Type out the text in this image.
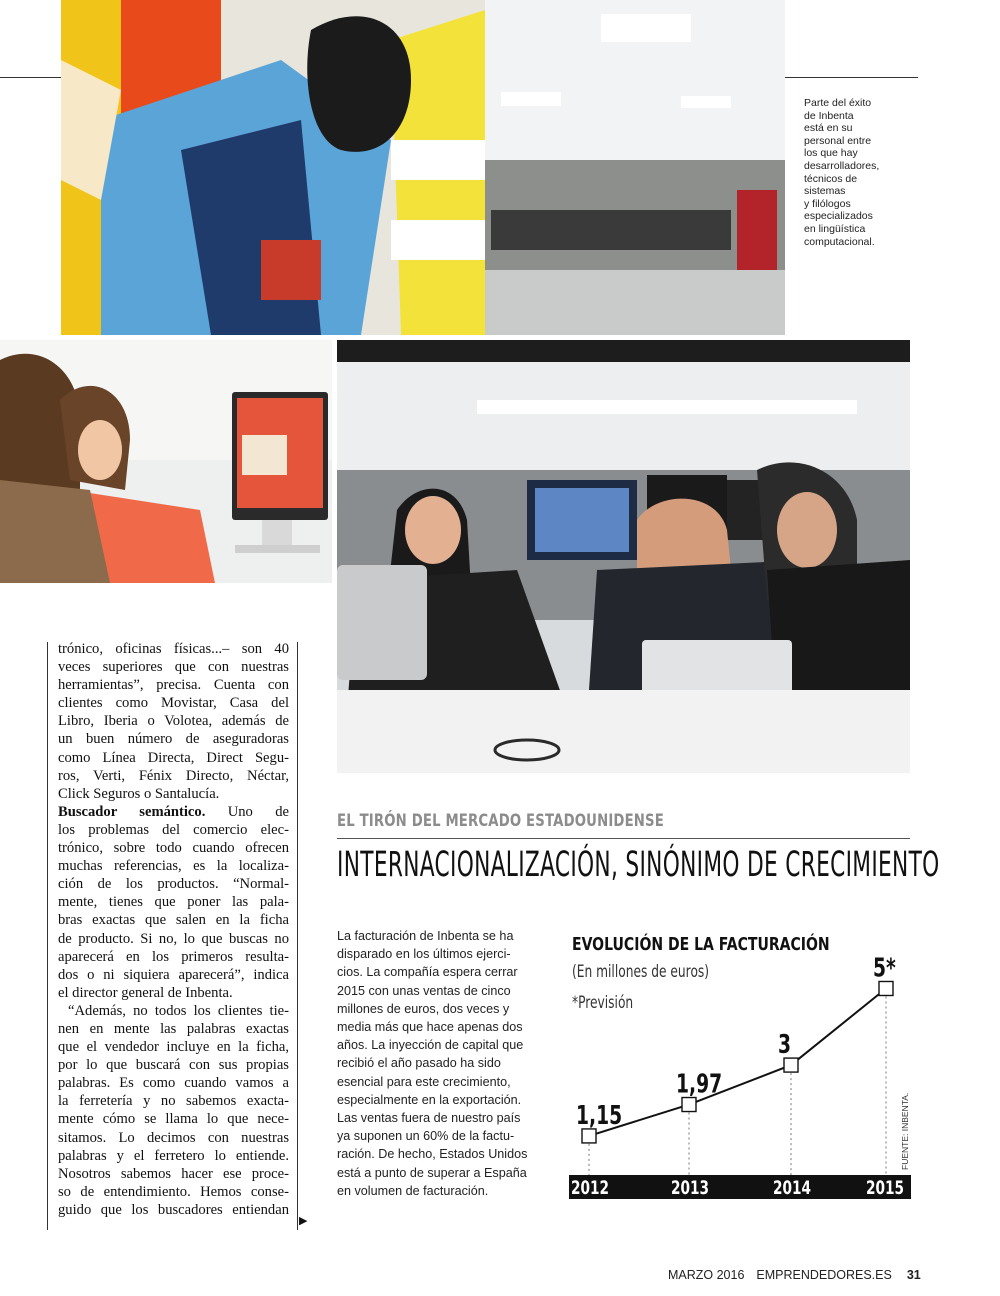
Parte del éxito
de Inbenta
está en su
personal entre
los que hay
desarrolladores,
técnicos de
sistemas
y filólogos
especializados
en lingüística
computacional.
trónico, oficinas físicas...– son 40
veces superiores que con nuestras
herramientas”, precisa. Cuenta con
clientes como Movistar, Casa del
Libro, Iberia o Volotea, además de
un buen número de aseguradoras
como Línea Directa, Direct Segu-
ros, Verti, Fénix Directo, Néctar,
Click Seguros o Santalucía.
Buscador semántico. Uno de
los problemas del comercio elec-
trónico, sobre todo cuando ofrecen
muchas referencias, es la localiza-
ción de los productos. “Normal-
mente, tienes que poner las pala-
bras exactas que salen en la ficha
de producto. Si no, lo que buscas no
aparecerá en los primeros resulta-
dos o ni siquiera aparecerá”, indica
el director general de Inbenta.
“Además, no todos los clientes tie-
nen en mente las palabras exactas
que el vendedor incluye en la ficha,
por lo que buscará con sus propias
palabras. Es como cuando vamos a
la ferretería y no sabemos exacta-
mente cómo se llama lo que nece-
sitamos. Lo decimos con nuestras
palabras y el ferretero lo entiende.
Nosotros sabemos hacer ese proce-
so de entendimiento. Hemos conse-
guido que los buscadores entiendan
▶
EL TIRÓN DEL MERCADO ESTADOUNIDENSE
INTERNACIONALIZACIÓN, SINÓNIMO DE CRECIMIENTO
La facturación de Inbenta se ha
disparado en los últimos ejerci-
cios. La compañía espera cerrar
2015 con unas ventas de cinco
millones de euros, dos veces y
media más que hace apenas dos
años. La inyección de capital que
recibió el año pasado ha sido
esencial para este crecimiento,
especialmente en la exportación.
Las ventas fuera de nuestro país
ya suponen un 60% de la factu-
ración. De hecho, Estados Unidos
está a punto de superar a España
en volumen de facturación.
EVOLUCIÓN DE LA FACTURACIÓN
(En millones de euros)
*Previsión
1,15
1,97
3
5*
2012	2013	2014	2015
FUENTE: INBENTA.
MARZO 2016 EMPRENDEDORES.ES 31
